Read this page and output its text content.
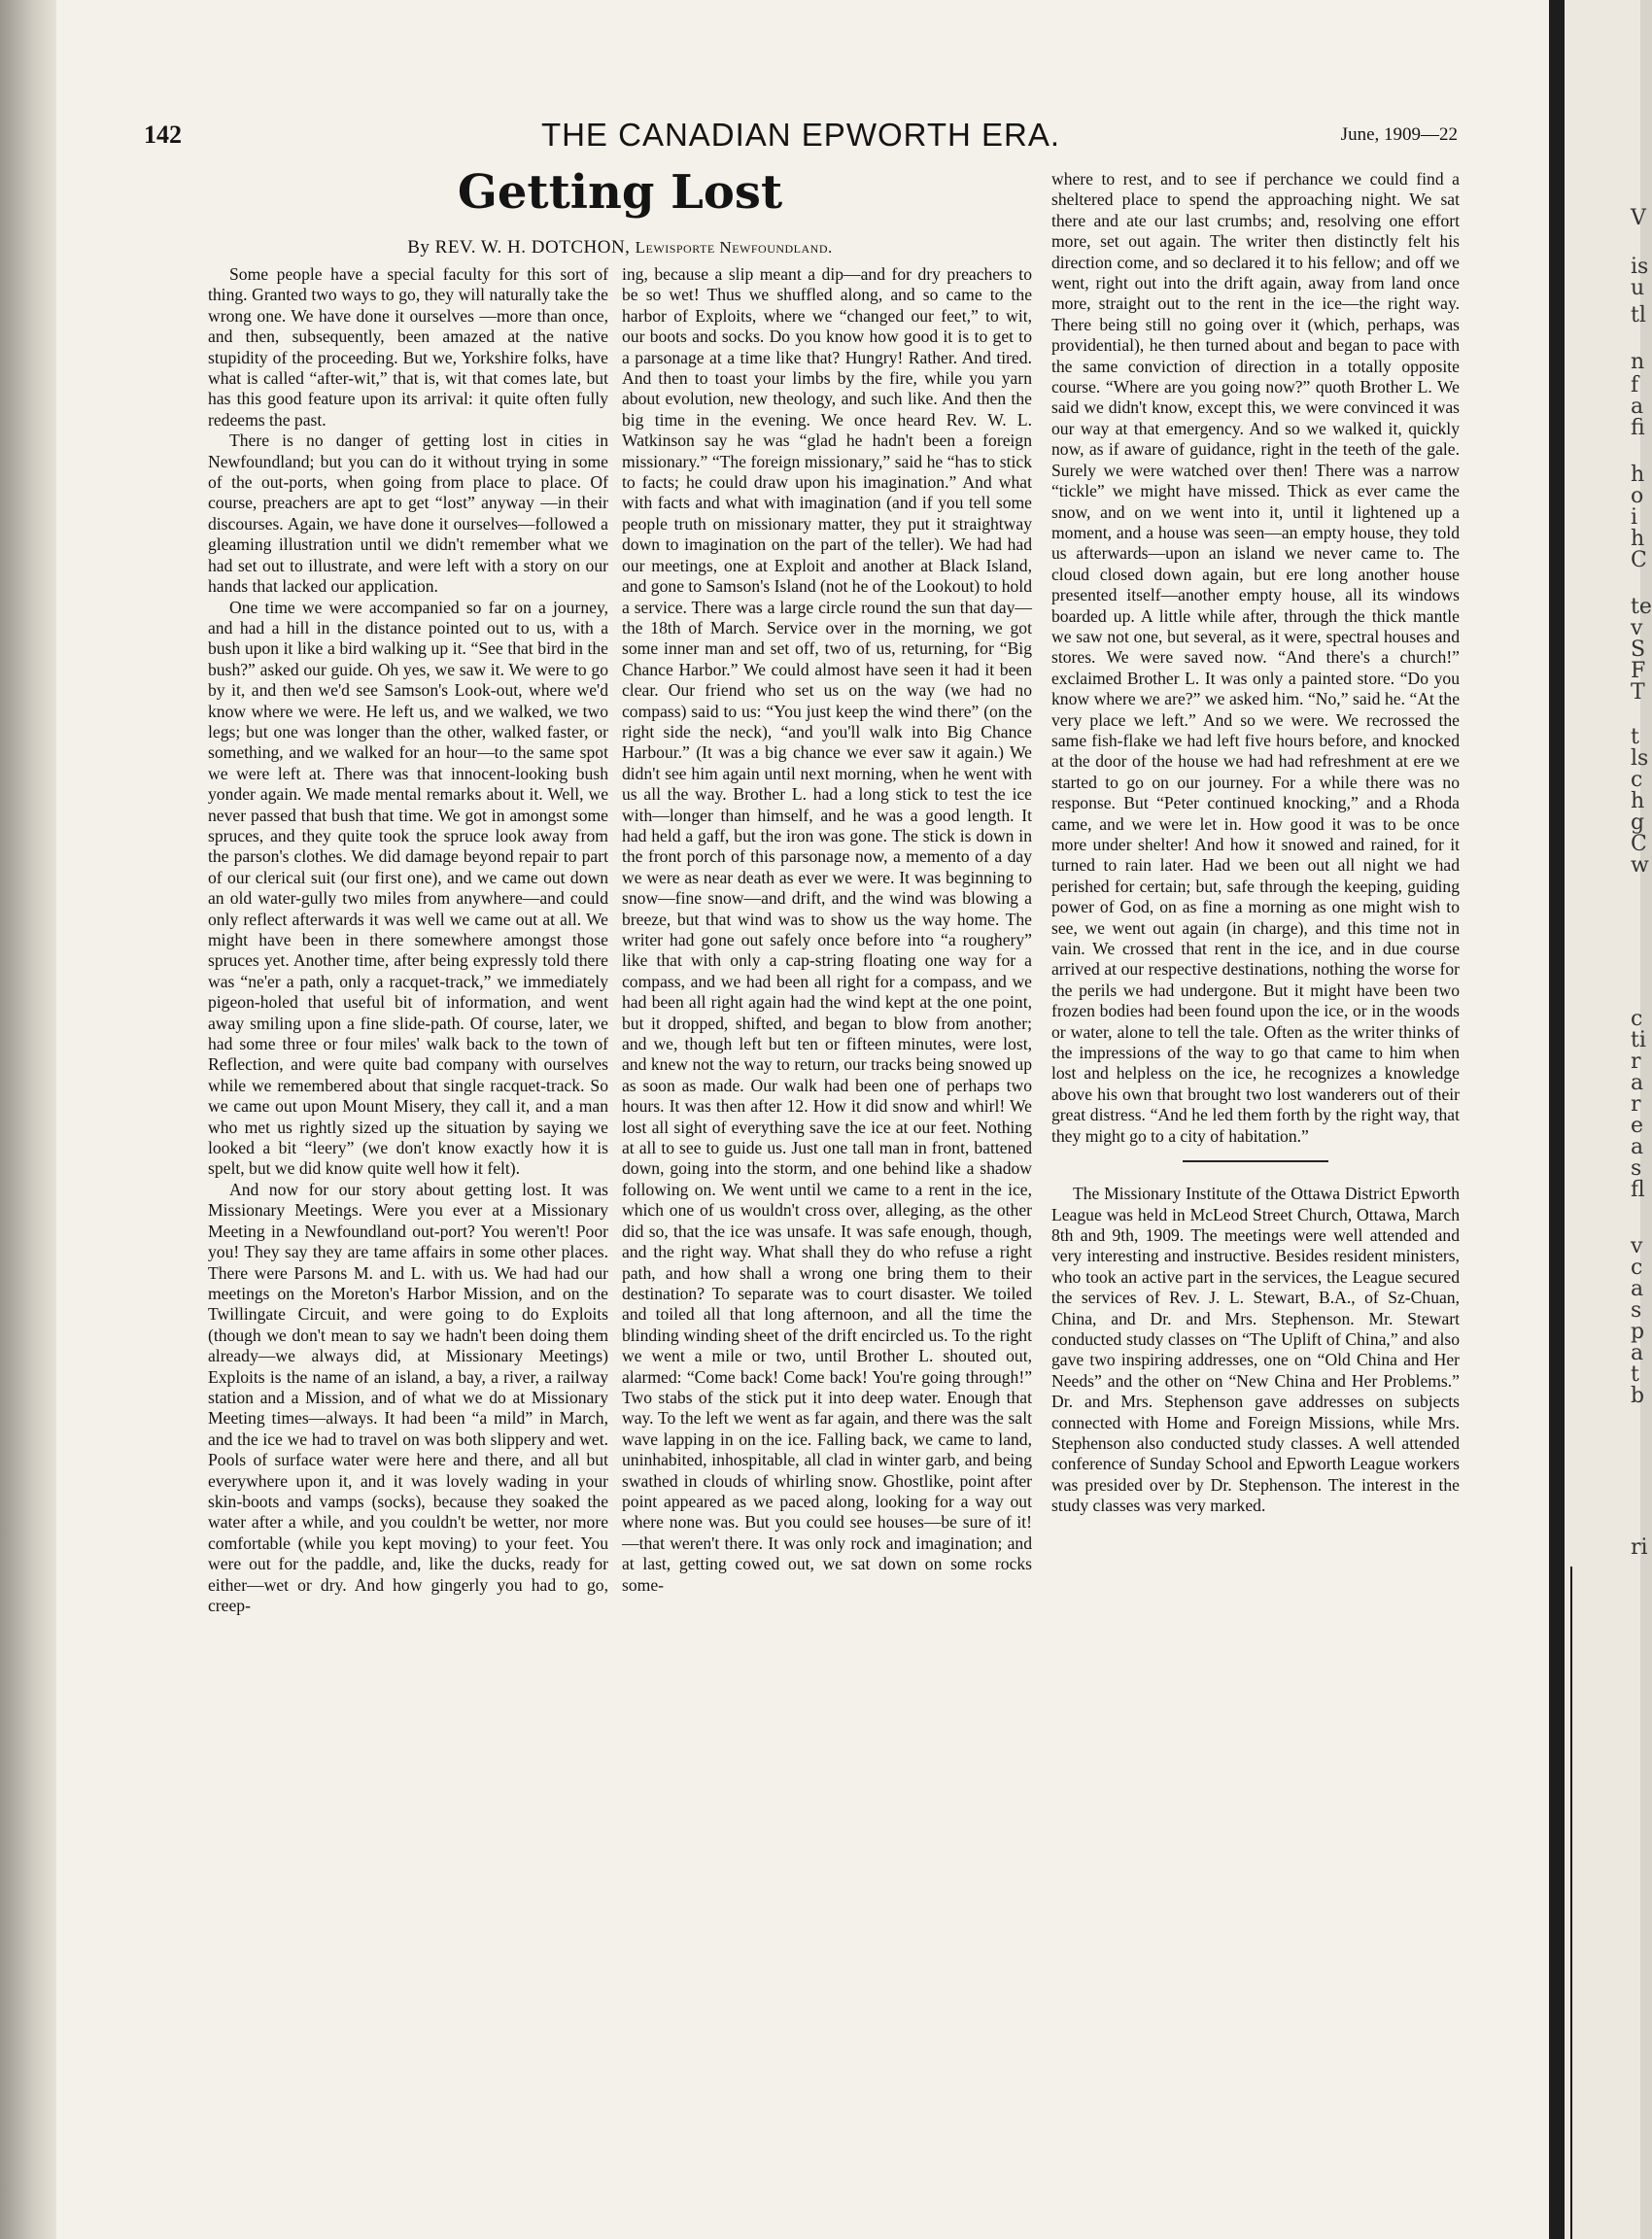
142	THE CANADIAN EPWORTH ERA.	June, 1909—22
Getting Lost
By REV. W. H. DOTCHON, Lewisporte Newfoundland.

Some people have a special faculty for this sort of thing. Granted two ways to go, they will naturally take the wrong one. We have done it ourselves —more than once, and then, subsequently, been amazed at the native stupidity of the proceeding. But we, Yorkshire folks, have what is called “after-wit,” that is, wit that comes late, but has this good feature upon its arrival: it quite often fully redeems the past.

There is no danger of getting lost in cities in Newfoundland; but you can do it without trying in some of the out-ports, when going from place to place. Of course, preachers are apt to get “lost” anyway —in their discourses. Again, we have done it ourselves—followed a gleaming illustration until we didn't remember what we had set out to illustrate, and were left with a story on our hands that lacked our application.

One time we were accompanied so far on a journey, and had a hill in the distance pointed out to us, with a bush upon it like a bird walking up it. “See that bird in the bush?” asked our guide. Oh yes, we saw it. We were to go by it, and then we'd see Samson's Look-out, where we'd know where we were. He left us, and we walked, we two legs; but one was longer than the other, walked faster, or something, and we walked for an hour—to the same spot we were left at. There was that innocent-looking bush yonder again. We made mental remarks about it. Well, we never passed that bush that time. We got in amongst some spruces, and they quite took the spruce look away from the parson's clothes. We did damage beyond repair to part of our clerical suit (our first one), and we came out down an old water-gully two miles from anywhere—and could only reflect afterwards it was well we came out at all. We might have been in there somewhere amongst those spruces yet. Another time, after being expressly told there was “ne'er a path, only a racquet-track,” we immediately pigeon-holed that useful bit of information, and went away smiling upon a fine slide-path. Of course, later, we had some three or four miles' walk back to the town of Reflection, and were quite bad company with ourselves while we remembered about that single racquet-track. So we came out upon Mount Misery, they call it, and a man who met us rightly sized up the situation by saying we looked a bit “leery” (we don't know exactly how it is spelt, but we did know quite well how it felt).

And now for our story about getting lost. It was Missionary Meetings. Were you ever at a Missionary Meeting in a Newfoundland out-port? You weren't! Poor you! They say they are tame affairs in some other places. There were Parsons M. and L. with us. We had had our meetings on the Moreton's Harbor Mission, and on the Twillingate Circuit, and were going to do Exploits (though we don't mean to say we hadn't been doing them already—we always did, at Missionary Meetings) Exploits is the name of an island, a bay, a river, a railway station and a Mission, and of what we do at Missionary Meeting times—always. It had been “a mild” in March, and the ice we had to travel on was both slippery and wet. Pools of surface water were here and there, and all but everywhere upon it, and it was lovely wading in your skin-boots and vamps (socks), because they soaked the water after a while, and you couldn't be wetter, nor more comfortable (while you kept moving) to your feet. You were out for the paddle, and, like the ducks, ready for either—wet or dry. And how gingerly you had to go, creep-

ing, because a slip meant a dip—and for dry preachers to be so wet! Thus we shuffled along, and so came to the harbor of Exploits, where we “changed our feet,” to wit, our boots and socks. Do you know how good it is to get to a parsonage at a time like that? Hungry! Rather. And tired. And then to toast your limbs by the fire, while you yarn about evolution, new theology, and such like. And then the big time in the evening. We once heard Rev. W. L. Watkinson say he was “glad he hadn't been a foreign missionary.” “The foreign missionary,” said he “has to stick to facts; he could draw upon his imagination.” And what with facts and what with imagination (and if you tell some people truth on missionary matter, they put it straightway down to imagination on the part of the teller). We had had our meetings, one at Exploit and another at Black Island, and gone to Samson's Island (not he of the Lookout) to hold a service. There was a large circle round the sun that day—the 18th of March. Service over in the morning, we got some inner man and set off, two of us, returning, for “Big Chance Harbor.” We could almost have seen it had it been clear. Our friend who set us on the way (we had no compass) said to us: “You just keep the wind there” (on the right side the neck), “and you'll walk into Big Chance Harbour.” (It was a big chance we ever saw it again.) We didn't see him again until next morning, when he went with us all the way. Brother L. had a long stick to test the ice with—longer than himself, and he was a good length. It had held a gaff, but the iron was gone. The stick is down in the front porch of this parsonage now, a memento of a day we were as near death as ever we were. It was beginning to snow—fine snow—and drift, and the wind was blowing a breeze, but that wind was to show us the way home. The writer had gone out safely once before into “a roughery” like that with only a cap-string floating one way for a compass, and we had been all right for a compass, and we had been all right again had the wind kept at the one point, but it dropped, shifted, and began to blow from another; and we, though left but ten or fifteen minutes, were lost, and knew not the way to return, our tracks being snowed up as soon as made. Our walk had been one of perhaps two hours. It was then after 12. How it did snow and whirl! We lost all sight of everything save the ice at our feet. Nothing at all to see to guide us. Just one tall man in front, battened down, going into the storm, and one behind like a shadow following on. We went until we came to a rent in the ice, which one of us wouldn't cross over, alleging, as the other did so, that the ice was unsafe. It was safe enough, though, and the right way. What shall they do who refuse a right path, and how shall a wrong one bring them to their destination? To separate was to court disaster. We toiled and toiled all that long afternoon, and all the time the blinding winding sheet of the drift encircled us. To the right we went a mile or two, until Brother L. shouted out, alarmed: “Come back! Come back! You're going through!” Two stabs of the stick put it into deep water. Enough that way. To the left we went as far again, and there was the salt wave lapping in on the ice. Falling back, we came to land, uninhabited, inhospitable, all clad in winter garb, and being swathed in clouds of whirling snow. Ghostlike, point after point appeared as we paced along, looking for a way out where none was. But you could see houses—be sure of it!—that weren't there. It was only rock and imagination; and at last, getting cowed out, we sat down on some rocks some-

where to rest, and to see if perchance we could find a sheltered place to spend the approaching night. We sat there and ate our last crumbs; and, resolving one effort more, set out again. The writer then distinctly felt his direction come, and so declared it to his fellow; and off we went, right out into the drift again, away from land once more, straight out to the rent in the ice—the right way. There being still no going over it (which, perhaps, was providential), he then turned about and began to pace with the same conviction of direction in a totally opposite course. “Where are you going now?” quoth Brother L. We said we didn't know, except this, we were convinced it was our way at that emergency. And so we walked it, quickly now, as if aware of guidance, right in the teeth of the gale. Surely we were watched over then! There was a narrow “tickle” we might have missed. Thick as ever came the snow, and on we went into it, until it lightened up a moment, and a house was seen—an empty house, they told us afterwards—upon an island we never came to. The cloud closed down again, but ere long another house presented itself—another empty house, all its windows boarded up. A little while after, through the thick mantle we saw not one, but several, as it were, spectral houses and stores. We were saved now. “And there's a church!” exclaimed Brother L. It was only a painted store. “Do you know where we are?” we asked him. “No,” said he. “At the very place we left.” And so we were. We recrossed the same fish-flake we had left five hours before, and knocked at the door of the house we had had refreshment at ere we started to go on our journey. For a while there was no response. But “Peter continued knocking,” and a Rhoda came, and we were let in. How good it was to be once more under shelter! And how it snowed and rained, for it turned to rain later. Had we been out all night we had perished for certain; but, safe through the keeping, guiding power of God, on as fine a morning as one might wish to see, we went out again (in charge), and this time not in vain. We crossed that rent in the ice, and in due course arrived at our respective destinations, nothing the worse for the perils we had undergone. But it might have been two frozen bodies had been found upon the ice, or in the woods or water, alone to tell the tale. Often as the writer thinks of the impressions of the way to go that came to him when lost and helpless on the ice, he recognizes a knowledge above his own that brought two lost wanderers out of their great distress. “And he led them forth by the right way, that they might go to a city of habitation.”

The Missionary Institute of the Ottawa District Epworth League was held in McLeod Street Church, Ottawa, March 8th and 9th, 1909. The meetings were well attended and very interesting and instructive. Besides resident ministers, who took an active part in the services, the League secured the services of Rev. J. L. Stewart, B.A., of Sz-Chuan, China, and Dr. and Mrs. Stephenson. Mr. Stewart conducted study classes on “The Uplift of China,” and also gave two inspiring addresses, one on “Old China and Her Needs” and the other on “New China and Her Problems.” Dr. and Mrs. Stephenson gave addresses on subjects connected with Home and Foreign Missions, while Mrs. Stephenson also conducted study classes. A well attended conference of Sunday School and Epworth League workers was presided over by Dr. Stephenson. The interest in the study classes was very marked.

V
is
u
tl
n
f
a
fi
h
o
i
h
C
te
v
S
F
T
t
ls
c
h
g
C
w
c
ti
r
a
r
e
a
s
fl
v
c
a
s
p
a
t
b
ri
